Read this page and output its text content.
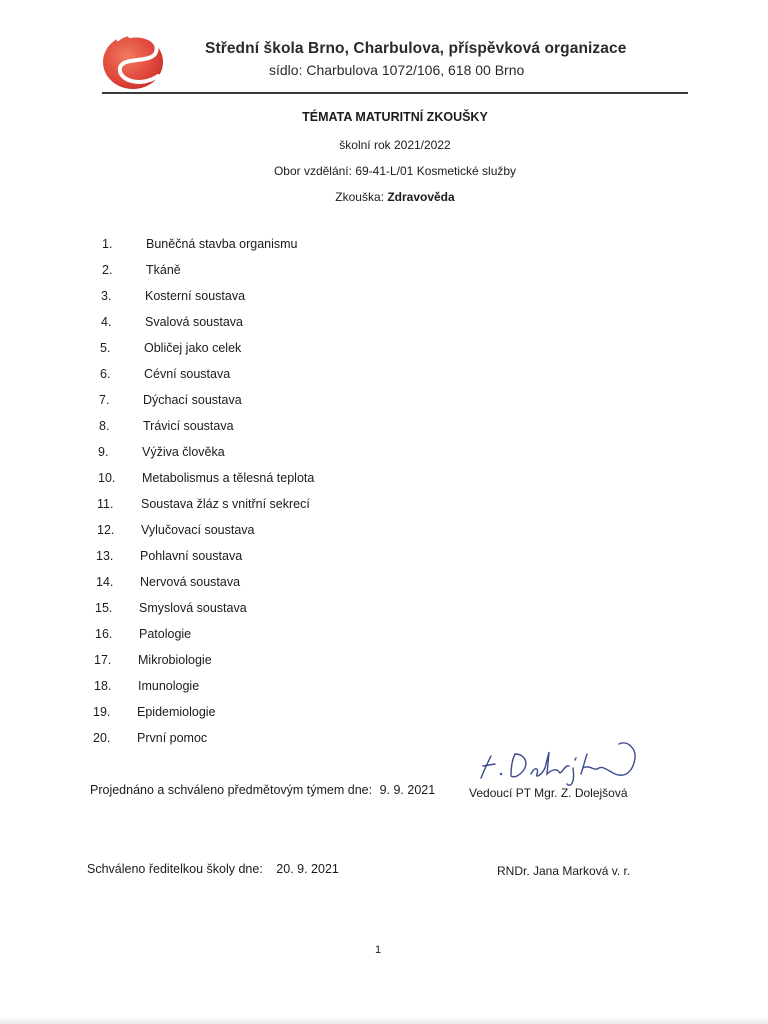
Střední škola Brno, Charbulova, příspěvková organizace
sídlo: Charbulova 1072/106, 618 00 Brno
TÉMATA MATURITNÍ ZKOUŠKY
školní rok 2021/2022
Obor vzdělání: 69-41-L/01 Kosmetické služby
Zkouška: Zdravověda
1.	Buněčná stavba organismu
2.	Tkáně
3.	Kosterní soustava
4.	Svalová soustava
5.	Obličej jako celek
6.	Cévní soustava
7.	Dýchací soustava
8.	Trávicí soustava
9.	Výživa člověka
10.	Metabolismus a tělesná teplota
11.	Soustava žláz s vnitřní sekrecí
12.	Vylučovací soustava
13.	Pohlavní soustava
14.	Nervová soustava
15.	Smyslová soustava
16.	Patologie
17.	Mikrobiologie
18.	Imunologie
19.	Epidemiologie
20.	První pomoc
Projednáno a schváleno předmětovým týmem dne: 9. 9. 2021	Vedoucí PT Mgr. Z. Dolejšová
Schváleno ředitelkou školy dne: 20. 9. 2021	RNDr. Jana Marková v. r.
1
